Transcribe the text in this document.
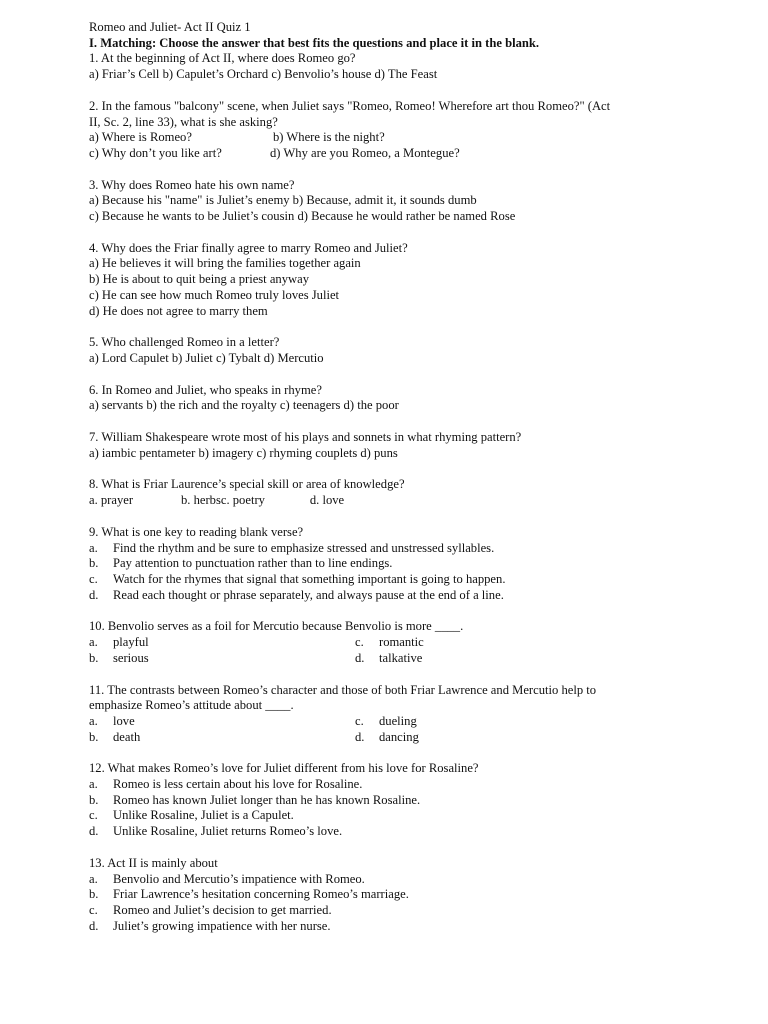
Romeo and Juliet- Act II Quiz 1

I. Matching: Choose the answer that best fits the questions and place it in the blank.

1. At the beginning of Act II, where does Romeo go?

a) Friar’s Cell b) Capulet’s Orchard c) Benvolio’s house d) The Feast

2. In the famous "balcony" scene, when Juliet says "Romeo, Romeo! Wherefore art thou Romeo?" (Act

II, Sc. 2, line 33), what is she asking?

a) Where is Romeo?	b) Where is the night?
c) Why don’t you like art?	d) Why are you Romeo, a Montegue?

3. Why does Romeo hate his own name?

a) Because his "name" is Juliet’s enemy b) Because, admit it, it sounds dumb

c) Because he wants to be Juliet’s cousin d) Because he would rather be named Rose

4. Why does the Friar finally agree to marry Romeo and Juliet?

a) He believes it will bring the families together again

b) He is about to quit being a priest anyway

c) He can see how much Romeo truly loves Juliet

d) He does not agree to marry them

5. Who challenged Romeo in a letter?

a) Lord Capulet b) Juliet c) Tybalt d) Mercutio

6. In Romeo and Juliet, who speaks in rhyme?

a) servants b) the rich and the royalty c) teenagers d) the poor

7. William Shakespeare wrote most of his plays and sonnets in what rhyming pattern?

a) iambic pentameter b) imagery c) rhyming couplets d) puns

8. What is Friar Laurence’s special skill or area of knowledge?

a. prayer	b. herbs c. poetry	d. love

9. What is one key to reading blank verse?

a.	Find the rhythm and be sure to emphasize stressed and unstressed syllables.
b.	Pay attention to punctuation rather than to line endings.
c.	Watch for the rhymes that signal that something important is going to happen.
d.	Read each thought or phrase separately, and always pause at the end of a line.

10. Benvolio serves as a foil for Mercutio because Benvolio is more ____.

a.	playful	c.	romantic
b.	serious	d.	talkative

11. The contrasts between Romeo’s character and those of both Friar Lawrence and Mercutio help to

emphasize Romeo’s attitude about ____.

a.	love	c.	dueling
b.	death	d.	dancing

12. What makes Romeo’s love for Juliet different from his love for Rosaline?

a.	Romeo is less certain about his love for Rosaline.
b.	Romeo has known Juliet longer than he has known Rosaline.
c.	Unlike Rosaline, Juliet is a Capulet.
d.	Unlike Rosaline, Juliet returns Romeo’s love.

13. Act II is mainly about

a.	Benvolio and Mercutio’s impatience with Romeo.
b.	Friar Lawrence’s hesitation concerning Romeo’s marriage.
c.	Romeo and Juliet’s decision to get married.
d.	Juliet’s growing impatience with her nurse.
